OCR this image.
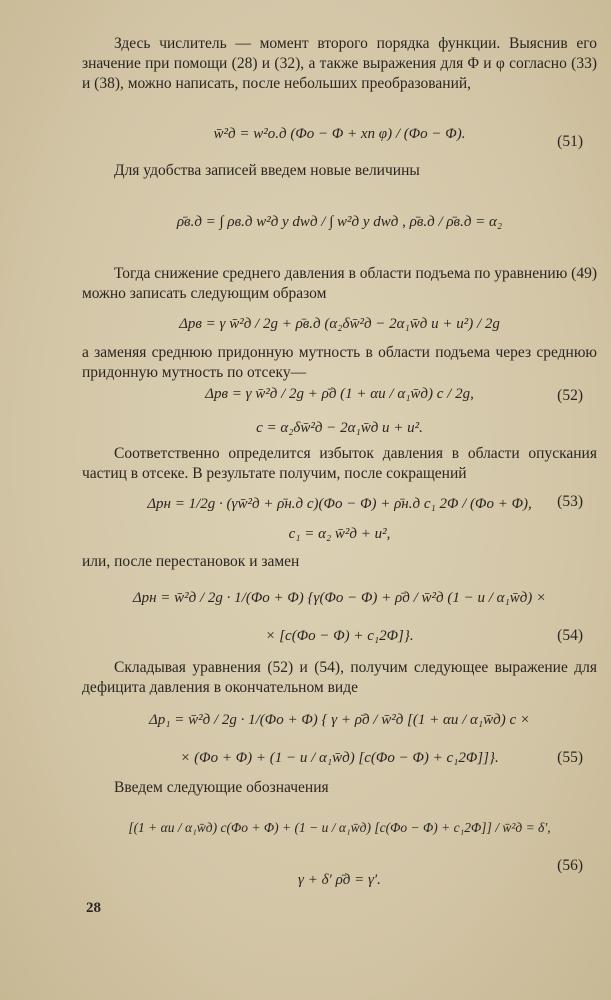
Здесь числитель — момент второго порядка функции. Выяснив его значение при помощи (28) и (32), а также выражения для Φ и φ согласно (33) и (38), можно написать, после небольших преобразований,
w̄²д = w²о.д (Φо − Φ + xп φ) / (Φо − Φ).	(51)
Для удобства записей введем новые величины
ρ̄в.д = ∫ ρв.д w²д y dwд / ∫ w²д y dwд , ρ̄в.д / ρ̄в.д = α₂
Тогда снижение среднего давления в области подъема по уравнению (49) можно записать следующим образом
Δpв = γ w̄²д / 2g + ρ̄в.д (α₂δw̄²д − 2α₁w̄д u + u²) / 2g
а заменяя среднюю придонную мутность в области подъема через среднюю придонную мутность по отсеку—
Δpв = γ w̄²д / 2g + ρ̄д (1 + αu / α₁w̄д) c / 2g,
c = α₂δw̄²д − 2α₁w̄д u + u².
(52)
Соответственно определится избыток давления в области опускания частиц в отсеке. В результате получим, после сокращений
Δpн = 1/2g · (γw̄²д + ρ̄н.д c)(Φо − Φ) + ρ̄н.д c₁ 2Φ / (Φо + Φ),
c₁ = α₂ w̄²д + u²,
(53)
или, после перестановок и замен
Δpн = w̄²д / 2g · 1/(Φо + Φ) {γ(Φо − Φ) + ρ̄д / w̄²д (1 − u / α₁w̄д) ×
× [c(Φо − Φ) + c₁2Φ]}.	(54)
Складывая уравнения (52) и (54), получим следующее выражение для дефицита давления в окончательном виде
Δp₁ = w̄²д / 2g · 1/(Φо + Φ) { γ + ρ̄д / w̄²д [(1 + αu / α₁w̄д) c ×
× (Φо + Φ) + (1 − u / α₁w̄д) [c(Φо − Φ) + c₁2Φ]]}.	(55)
Введем следующие обозначения
[(1 + αu / α₁w̄д) c(Φо + Φ) + (1 − u / α₁w̄д) [c(Φо − Φ) + c₁2Φ]] / w̄²д = δ′,
γ + δ′ ρ̄д = γ′.
(56)
28
